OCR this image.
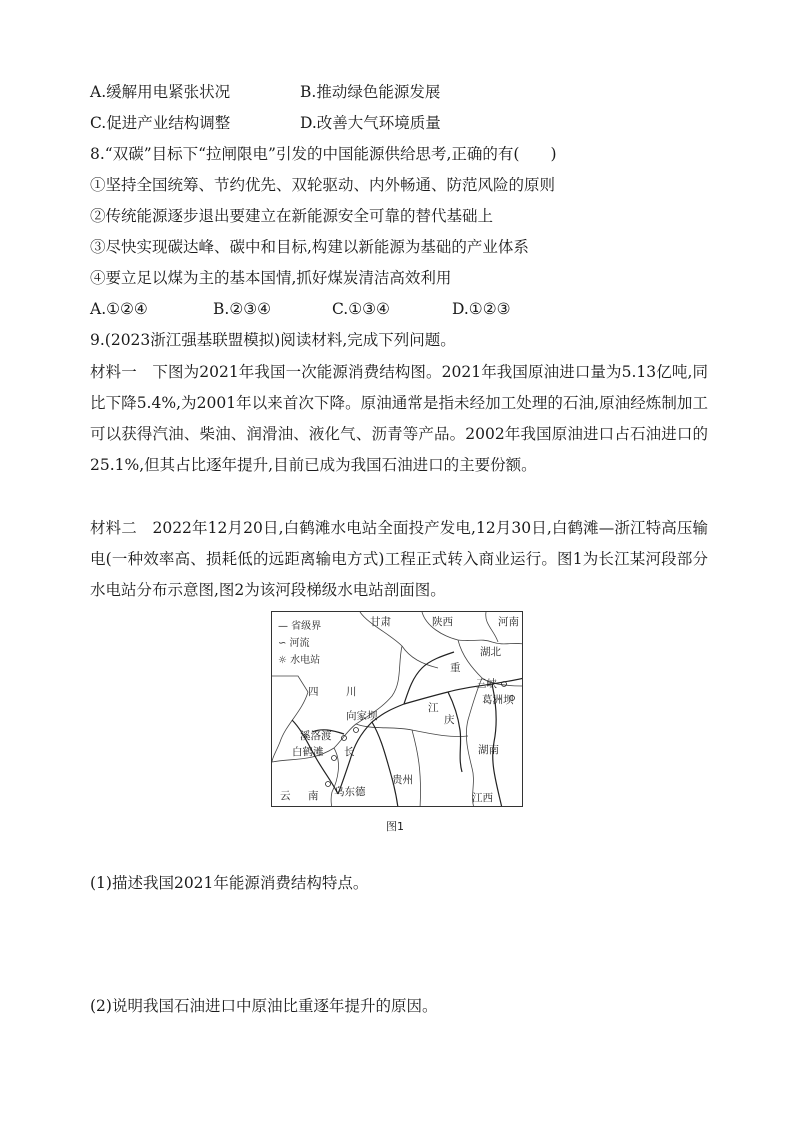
A.缓解用电紧张状况	B.推动绿色能源发展
C.促进产业结构调整	D.改善大气环境质量
8.“双碳”目标下“拉闸限电”引发的中国能源供给思考,正确的有(　　)
①坚持全国统筹、节约优先、双轮驱动、内外畅通、防范风险的原则
②传统能源逐步退出要建立在新能源安全可靠的替代基础上
③尽快实现碳达峰、碳中和目标,构建以新能源为基础的产业体系
④要立足以煤为主的基本国情,抓好煤炭清洁高效利用
A.①②④	B.②③④	C.①③④	D.①②③
9.(2023浙江强基联盟模拟)阅读材料,完成下列问题。
材料一　下图为2021年我国一次能源消费结构图。2021年我国原油进口量为5.13亿吨,同比下降5.4%,为2001年以来首次下降。原油通常是指未经加工处理的石油,原油经炼制加工可以获得汽油、柴油、润滑油、液化气、沥青等产品。2002年我国原油进口占石油进口的25.1%,但其占比逐年提升,目前已成为我国石油进口的主要份额。
材料二　2022年12月20日,白鹤滩水电站全面投产发电,12月30日,白鹤滩—浙江特高压输电(一种效率高、损耗低的远距离输电方式)工程正式转入商业运行。图1为长江某河段部分水电站分布示意图,图2为该河段梯级水电站剖面图。
— 省级界
∽ 河流
☼ 水电站
甘肃	陕西	河南
湖北
四	川
重
庆
江
长
向家坝
溪洛渡
白鹤滩
乌东德
三峡
葛洲坝
贵州
湖南
云 南	江西
图1
(1)描述我国2021年能源消费结构特点。
(2)说明我国石油进口中原油比重逐年提升的原因。
